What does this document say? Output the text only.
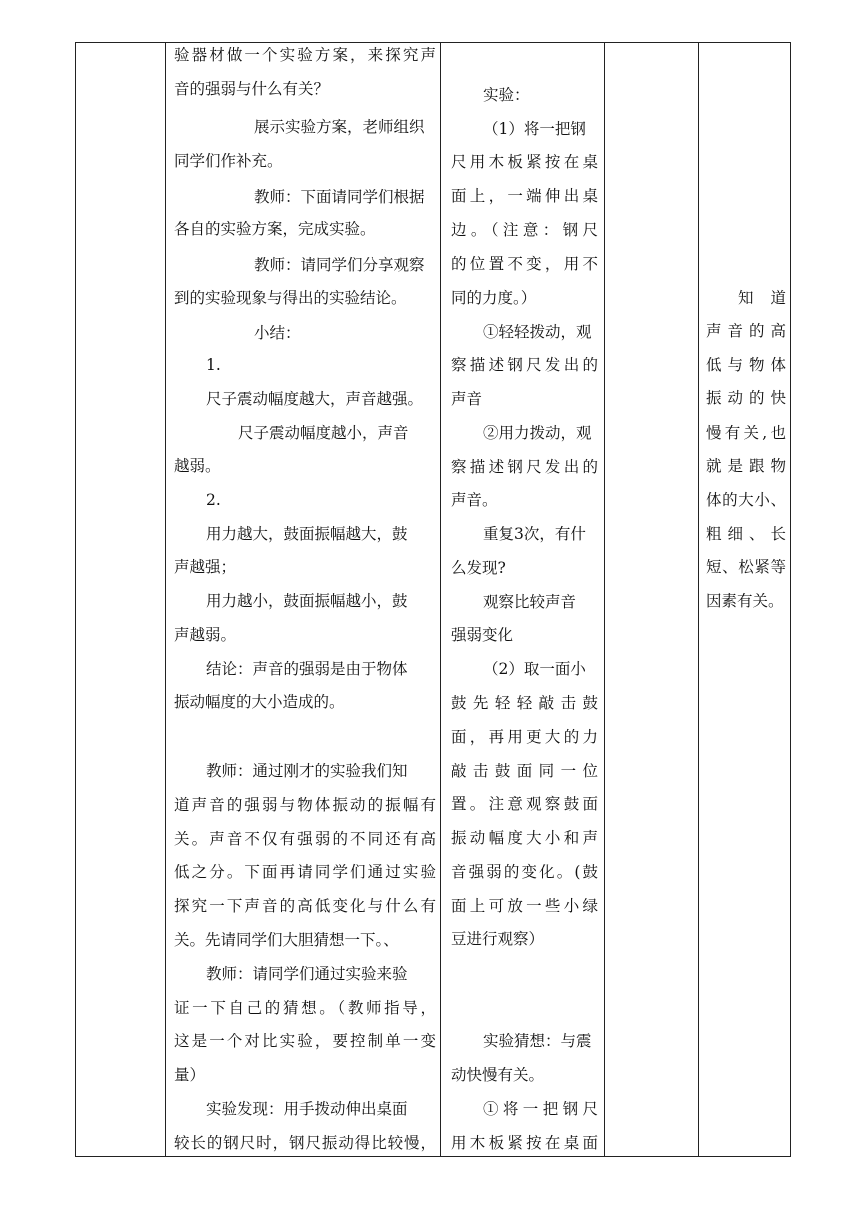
验器材做一个实验方案，来探究声
音的强弱与什么有关？
展示实验方案，老师组织
同学们作补充。
教师：下面请同学们根据
各自的实验方案，完成实验。
教师：请同学们分享观察
到的实验现象与得出的实验结论。
小结：
1.
尺子震动幅度越大，声音越强。
尺子震动幅度越小，声音
越弱。
2.
用力越大，鼓面振幅越大，鼓
声越强；
用力越小，鼓面振幅越小，鼓
声越弱。
结论：声音的强弱是由于物体
振动幅度的大小造成的。
教师：通过刚才的实验我们知
道声音的强弱与物体振动的振幅有
关。声音不仅有强弱的不同还有高
低之分。下面再请同学们通过实验
探究一下声音的高低变化与什么有
关。先请同学们大胆猜想一下。、
教师：请同学们通过实验来验
证一下自己的猜想。（教师指导，
这是一个对比实验，要控制单一变
量）
实验发现：用手拨动伸出桌面
较长的钢尺时，钢尺振动得比较慢，
实验：
（1）将一把钢
尺用木板紧按在桌
面上，一端伸出桌
边。（注意：钢尺
的位置不变，用不
同的力度。）
①轻轻拨动，观
察描述钢尺发出的
声音
②用力拨动，观
察描述钢尺发出的
声音。
重复3次，有什
么发现?
观察比较声音
强弱变化
（2）取一面小
鼓先轻轻敲击鼓
面，再用更大的力
敲击鼓面同一位
置。注意观察鼓面
振动幅度大小和声
音强弱的变化。(鼓
面上可放一些小绿
豆进行观察）
实验猜想：与震
动快慢有关。
①将一把钢尺
用木板紧按在桌面
知　道
声音的高
低与物体
振动的快
慢有关,也
就是跟物
体的大小、
粗细、长
短、松紧等
因素有关。
